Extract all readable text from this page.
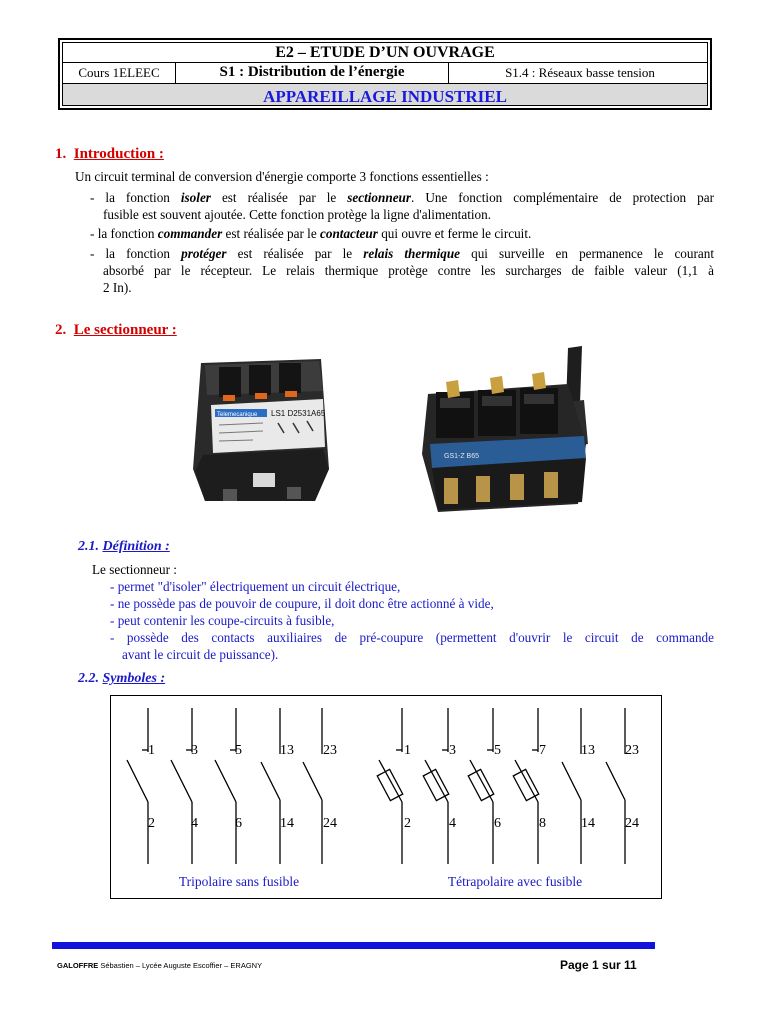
E2 – ETUDE D’UN OUVRAGE
Cours 1ELEEC	S1 : Distribution de l’énergie	S1.4 : Réseaux basse tension
APPAREILLAGE INDUSTRIEL
1. Introduction :
Un circuit terminal de conversion d'énergie comporte 3 fonctions essentielles :
- la fonction isoler est réalisée par le sectionneur. Une fonction complémentaire de protection par
fusible est souvent ajoutée. Cette fonction protège la ligne d'alimentation.
- la fonction commander est réalisée par le contacteur qui ouvre et ferme le circuit.
- la fonction protéger est réalisée par le relais thermique qui surveille en permanence le courant
absorbé par le récepteur. Le relais thermique protège contre les surcharges de faible valeur (1,1 à
2 In).
2. Le sectionneur :
Telemecanique LS1 D2531A65
GS1-Z B65
2.1. Définition :
Le sectionneur :
- permet "d'isoler" électriquement un circuit électrique,
- ne possède pas de pouvoir de coupure, il doit donc être actionné à vide,
- peut contenir les coupe-circuits à fusible,
- possède des contacts auxiliaires de pré-coupure (permettent d'ouvrir le circuit de commande
avant le circuit de puissance).
2.2. Symboles :
1	3	5	13 23
2	4	6	14 24
1	3	5	7	13 23
2	4	6	8	14 24
Tripolaire sans fusible	Tétrapolaire avec fusible
GALOFFRE Sébastien – Lycée Auguste Escoffier – ERAGNY	Page 1 sur 11
